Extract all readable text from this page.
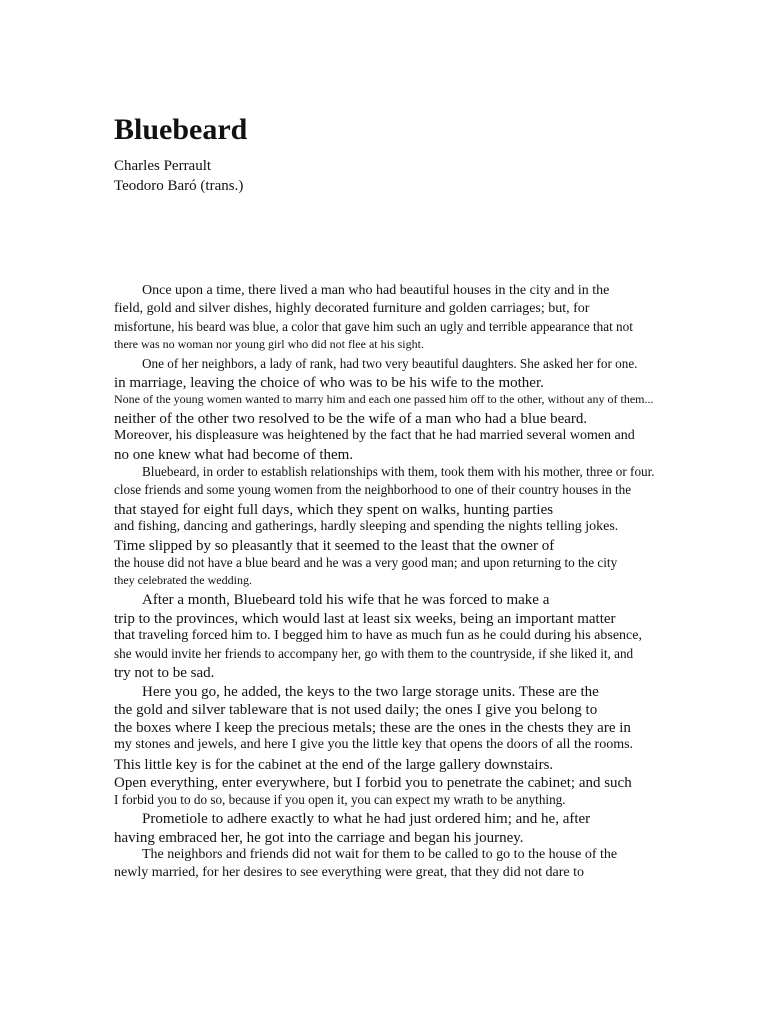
Bluebeard
Charles Perrault
Teodoro Baró (trans.)
Once upon a time, there lived a man who had beautiful houses in the city and in the
field, gold and silver dishes, highly decorated furniture and golden carriages; but, for
misfortune, his beard was blue, a color that gave him such an ugly and terrible appearance that not
there was no woman nor young girl who did not flee at his sight.
One of her neighbors, a lady of rank, had two very beautiful daughters. She asked her for one.
in marriage, leaving the choice of who was to be his wife to the mother.
None of the young women wanted to marry him and each one passed him off to the other, without any of them...
neither of the other two resolved to be the wife of a man who had a blue beard.
Moreover, his displeasure was heightened by the fact that he had married several women and
no one knew what had become of them.
Bluebeard, in order to establish relationships with them, took them with his mother, three or four.
close friends and some young women from the neighborhood to one of their country houses in the
that stayed for eight full days, which they spent on walks, hunting parties
and fishing, dancing and gatherings, hardly sleeping and spending the nights telling jokes.
Time slipped by so pleasantly that it seemed to the least that the owner of
the house did not have a blue beard and he was a very good man; and upon returning to the city
they celebrated the wedding.
After a month, Bluebeard told his wife that he was forced to make a
trip to the provinces, which would last at least six weeks, being an important matter
that traveling forced him to. I begged him to have as much fun as he could during his absence,
she would invite her friends to accompany her, go with them to the countryside, if she liked it, and
try not to be sad.
Here you go, he added, the keys to the two large storage units. These are the
the gold and silver tableware that is not used daily; the ones I give you belong to
the boxes where I keep the precious metals; these are the ones in the chests they are in
my stones and jewels, and here I give you the little key that opens the doors of all the rooms.
This little key is for the cabinet at the end of the large gallery downstairs.
Open everything, enter everywhere, but I forbid you to penetrate the cabinet; and such
I forbid you to do so, because if you open it, you can expect my wrath to be anything.
Prometiole to adhere exactly to what he had just ordered him; and he, after
having embraced her, he got into the carriage and began his journey.
The neighbors and friends did not wait for them to be called to go to the house of the
newly married, for her desires to see everything were great, that they did not dare to
